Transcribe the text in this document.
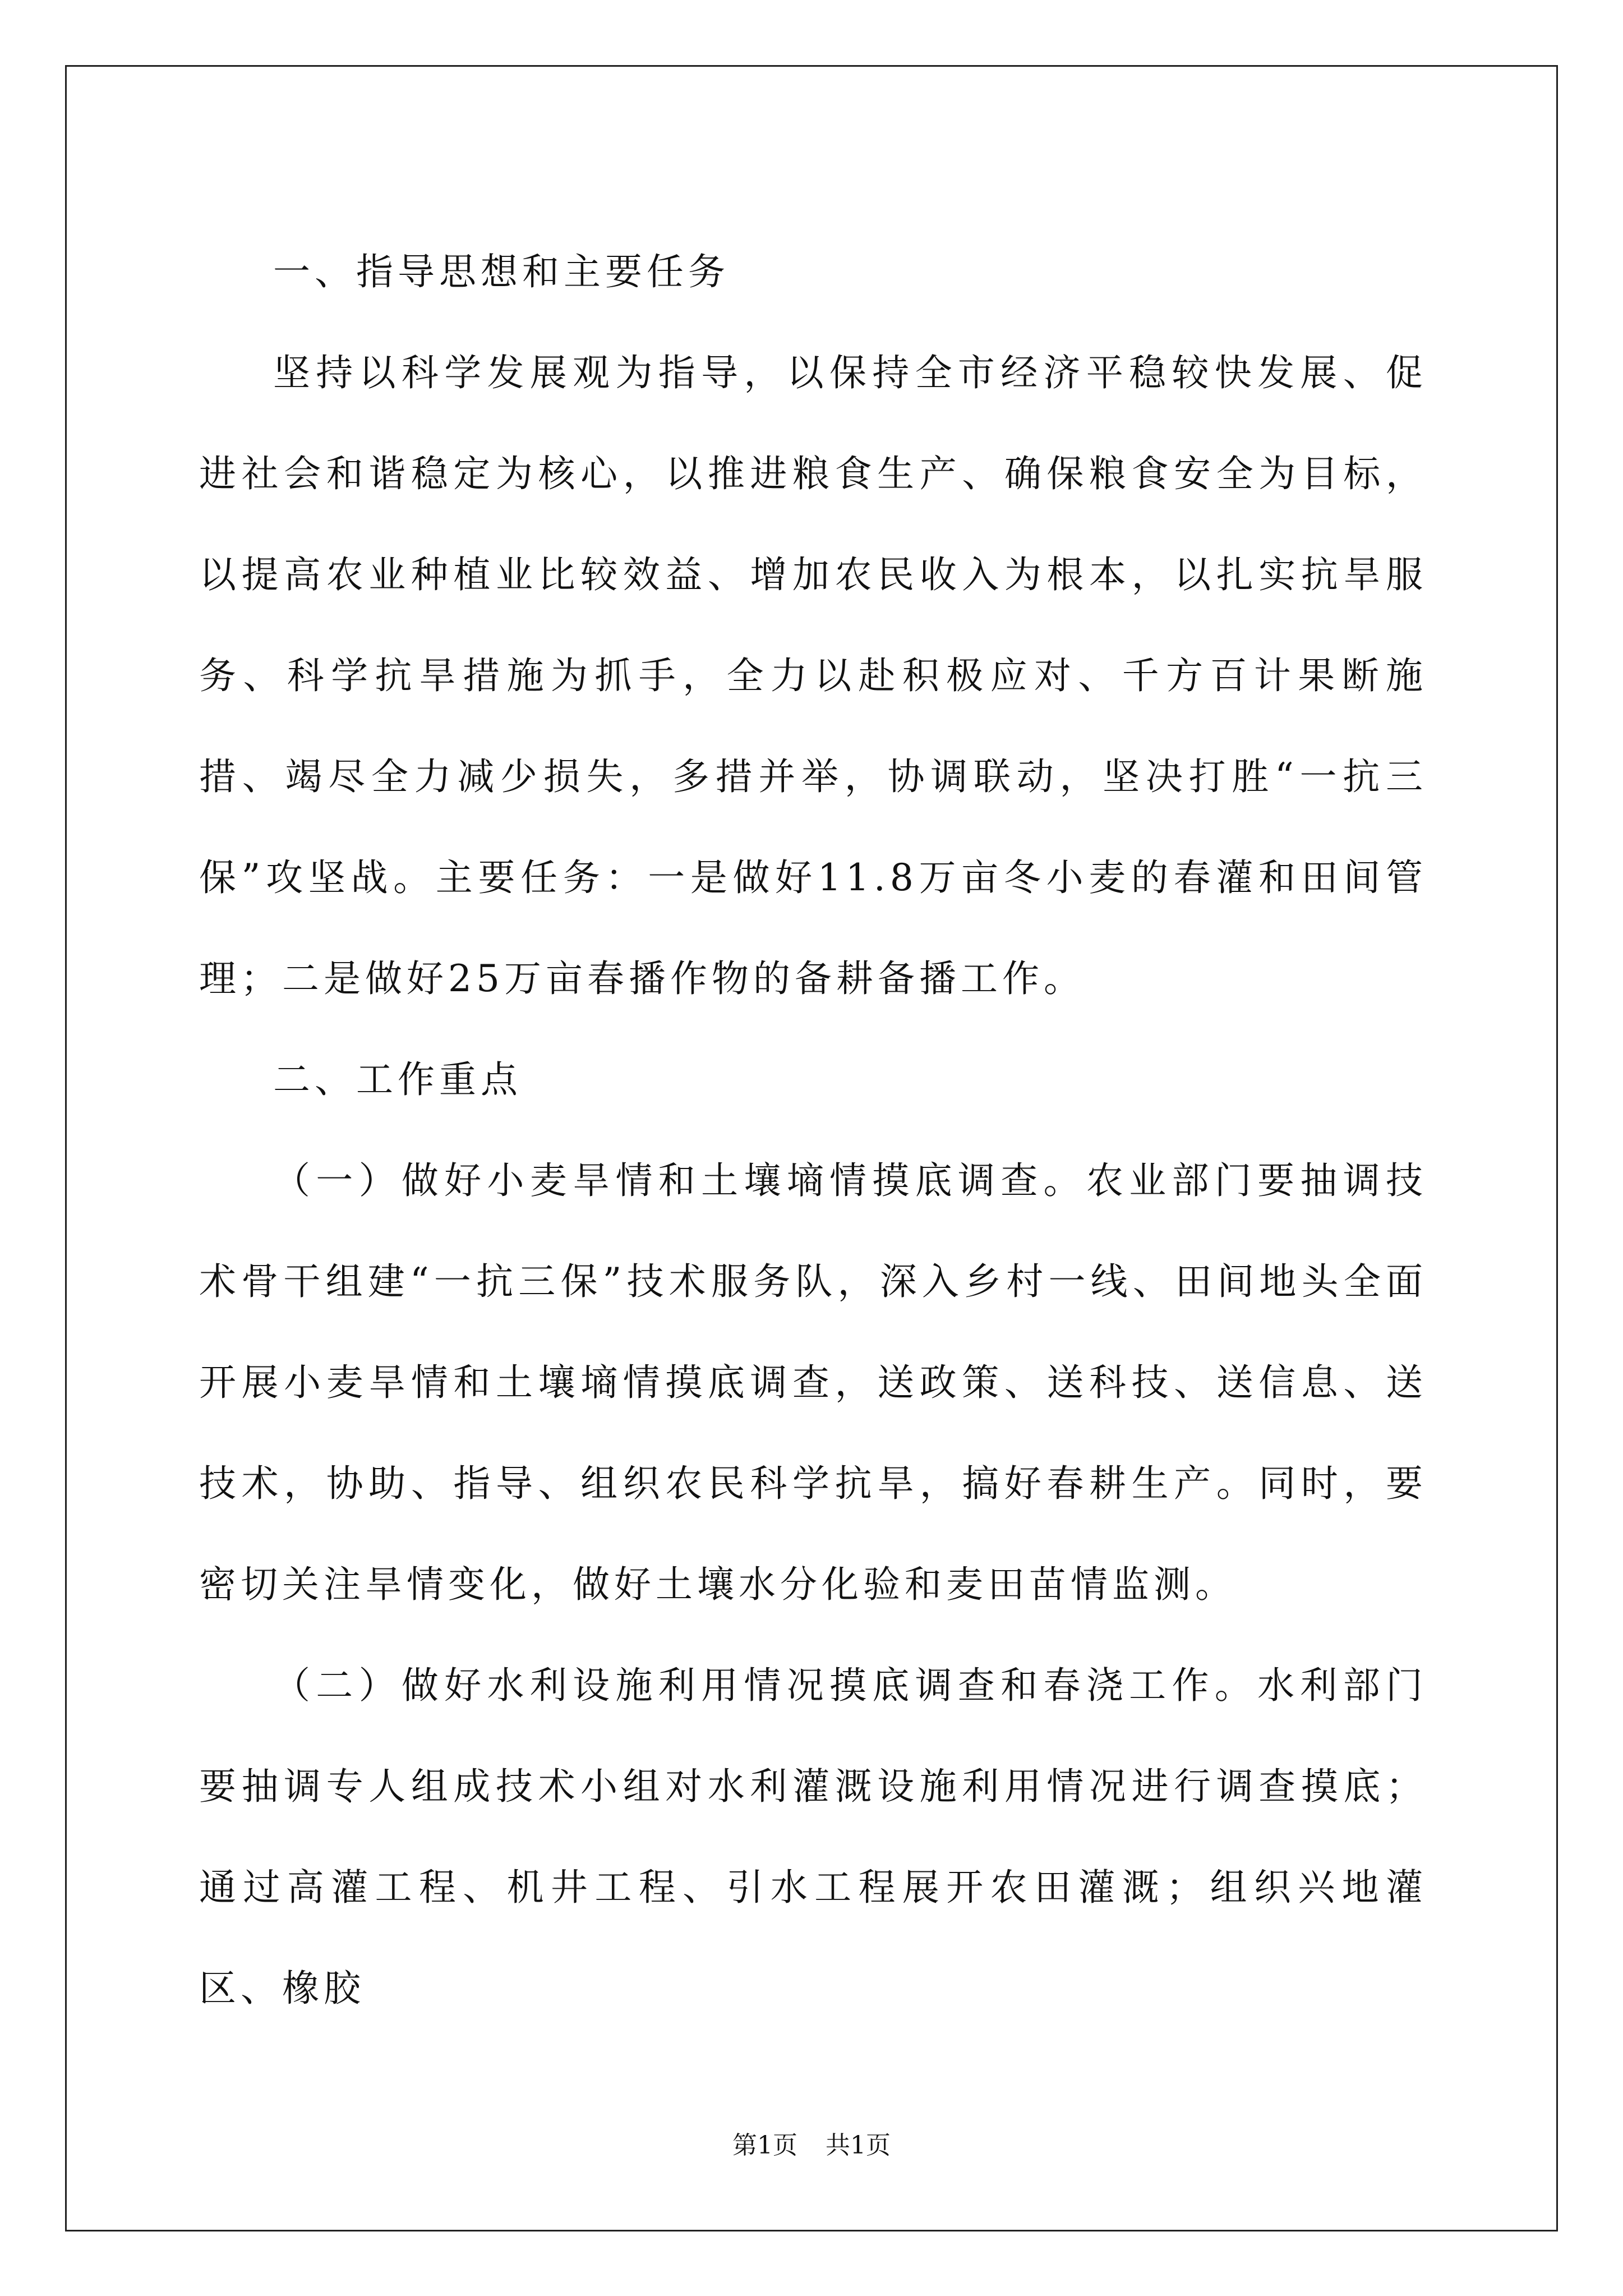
一、指导思想和主要任务

坚持以科学发展观为指导，以保持全市经济平稳较快发展、促进社会和谐稳定为核心，以推进粮食生产、确保粮食安全为目标，以提高农业种植业比较效益、增加农民收入为根本，以扎实抗旱服务、科学抗旱措施为抓手，全力以赴积极应对、千方百计果断施措、竭尽全力减少损失，多措并举，协调联动，坚决打胜“一抗三保”攻坚战。主要任务：一是做好11.8万亩冬小麦的春灌和田间管理；二是做好25万亩春播作物的备耕备播工作。

二、工作重点

（一）做好小麦旱情和土壤墒情摸底调查。农业部门要抽调技术骨干组建“一抗三保”技术服务队，深入乡村一线、田间地头全面开展小麦旱情和土壤墒情摸底调查，送政策、送科技、送信息、送技术，协助、指导、组织农民科学抗旱，搞好春耕生产。同时，要密切关注旱情变化，做好土壤水分化验和麦田苗情监测。

（二）做好水利设施利用情况摸底调查和春浇工作。水利部门要抽调专人组成技术小组对水利灌溉设施利用情况进行调查摸底；通过高灌工程、机井工程、引水工程展开农田灌溉；组织兴地灌区、橡胶

第1页 共1页
